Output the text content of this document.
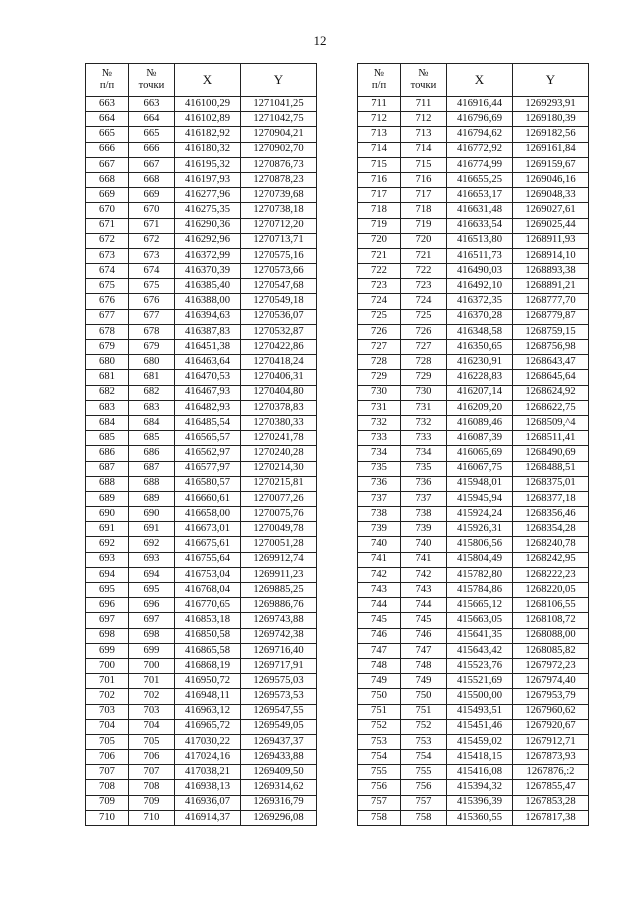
12
№
п/п	№
точки	X	Y
663	663	416100,29	1271041,25
664	664	416102,89	1271042,75
665	665	416182,92	1270904,21
666	666	416180,32	1270902,70
667	667	416195,32	1270876,73
668	668	416197,93	1270878,23
669	669	416277,96	1270739,68
670	670	416275,35	1270738,18
671	671	416290,36	1270712,20
672	672	416292,96	1270713,71
673	673	416372,99	1270575,16
674	674	416370,39	1270573,66
675	675	416385,40	1270547,68
676	676	416388,00	1270549,18
677	677	416394,63	1270536,07
678	678	416387,83	1270532,87
679	679	416451,38	1270422,86
680	680	416463,64	1270418,24
681	681	416470,53	1270406,31
682	682	416467,93	1270404,80
683	683	416482,93	1270378,83
684	684	416485,54	1270380,33
685	685	416565,57	1270241,78
686	686	416562,97	1270240,28
687	687	416577,97	1270214,30
688	688	416580,57	1270215,81
689	689	416660,61	1270077,26
690	690	416658,00	1270075,76
691	691	416673,01	1270049,78
692	692	416675,61	1270051,28
693	693	416755,64	1269912,74
694	694	416753,04	1269911,23
695	695	416768,04	1269885,25
696	696	416770,65	1269886,76
697	697	416853,18	1269743,88
698	698	416850,58	1269742,38
699	699	416865,58	1269716,40
700	700	416868,19	1269717,91
701	701	416950,72	1269575,03
702	702	416948,11	1269573,53
703	703	416963,12	1269547,55
704	704	416965,72	1269549,05
705	705	417030,22	1269437,37
706	706	417024,16	1269433,88
707	707	417038,21	1269409,50
708	708	416938,13	1269314,62
709	709	416936,07	1269316,79
710	710	416914,37	1269296,08
№
п/п	№
точки	X	Y
711	711	416916,44	1269293,91
712	712	416796,69	1269180,39
713	713	416794,62	1269182,56
714	714	416772,92	1269161,84
715	715	416774,99	1269159,67
716	716	416655,25	1269046,16
717	717	416653,17	1269048,33
718	718	416631,48	1269027,61
719	719	416633,54	1269025,44
720	720	416513,80	1268911,93
721	721	416511,73	1268914,10
722	722	416490,03	1268893,38
723	723	416492,10	1268891,21
724	724	416372,35	1268777,70
725	725	416370,28	1268779,87
726	726	416348,58	1268759,15
727	727	416350,65	1268756,98
728	728	416230,91	1268643,47
729	729	416228,83	1268645,64
730	730	416207,14	1268624,92
731	731	416209,20	1268622,75
732	732	416089,46	1268509,^4
733	733	416087,39	1268511,41
734	734	416065,69	1268490,69
735	735	416067,75	1268488,51
736	736	415948,01	1268375,01
737	737	415945,94	1268377,18
738	738	415924,24	1268356,46
739	739	415926,31	1268354,28
740	740	415806,56	1268240,78
741	741	415804,49	1268242,95
742	742	415782,80	1268222,23
743	743	415784,86	1268220,05
744	744	415665,12	1268106,55
745	745	415663,05	1268108,72
746	746	415641,35	1268088,00
747	747	415643,42	1268085,82
748	748	415523,76	1267972,23
749	749	415521,69	1267974,40
750	750	415500,00	1267953,79
751	751	415493,51	1267960,62
752	752	415451,46	1267920,67
753	753	415459,02	1267912,71
754	754	415418,15	1267873,93
755	755	415416,08	1267876,:2
756	756	415394,32	1267855,47
757	757	415396,39	1267853,28
758	758	415360,55	1267817,38
